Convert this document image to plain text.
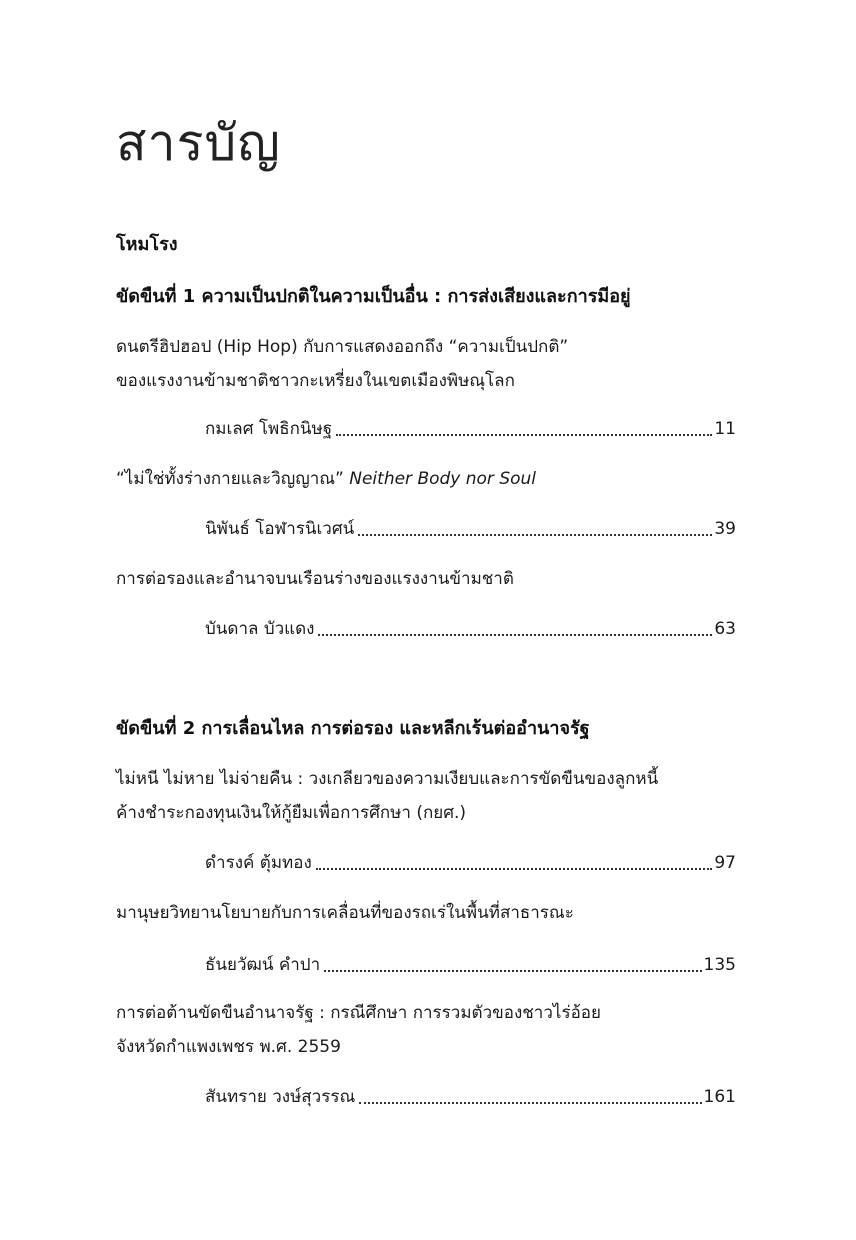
สารบัญ
โหมโรง
ขัดขืนที่ 1 ความเป็นปกติในความเป็นอื่น : การส่งเสียงและการมีอยู่
ดนตรีฮิปฮอป (Hip Hop) กับการแสดงออกถึง “ความเป็นปกติ”
ของแรงงานข้ามชาติชาวกะเหรี่ยงในเขตเมืองพิษณุโลก
กมเลศ โพธิกนิษฐ	11
“ไม่ใช่ทั้งร่างกายและวิญญาณ” Neither Body nor Soul
นิพันธ์ โอฬารนิเวศน์	39
การต่อรองและอำนาจบนเรือนร่างของแรงงานข้ามชาติ
บันดาล บัวแดง	63
ขัดขืนที่ 2 การเลื่อนไหล การต่อรอง และหลีกเร้นต่ออำนาจรัฐ
ไม่หนี ไม่หาย ไม่จ่ายคืน : วงเกลียวของความเงียบและการขัดขืนของลูกหนี้
ค้างชำระกองทุนเงินให้กู้ยืมเพื่อการศึกษา (กยศ.)
ดำรงค์ ตุ้มทอง	97
มานุษยวิทยานโยบายกับการเคลื่อนที่ของรถเร่ในพื้นที่สาธารณะ
ธันยวัฒน์ คำปา	135
การต่อต้านขัดขืนอำนาจรัฐ : กรณีศึกษา การรวมตัวของชาวไร่อ้อย
จังหวัดกำแพงเพชร พ.ศ. 2559
สันทราย วงษ์สุวรรณ	161
